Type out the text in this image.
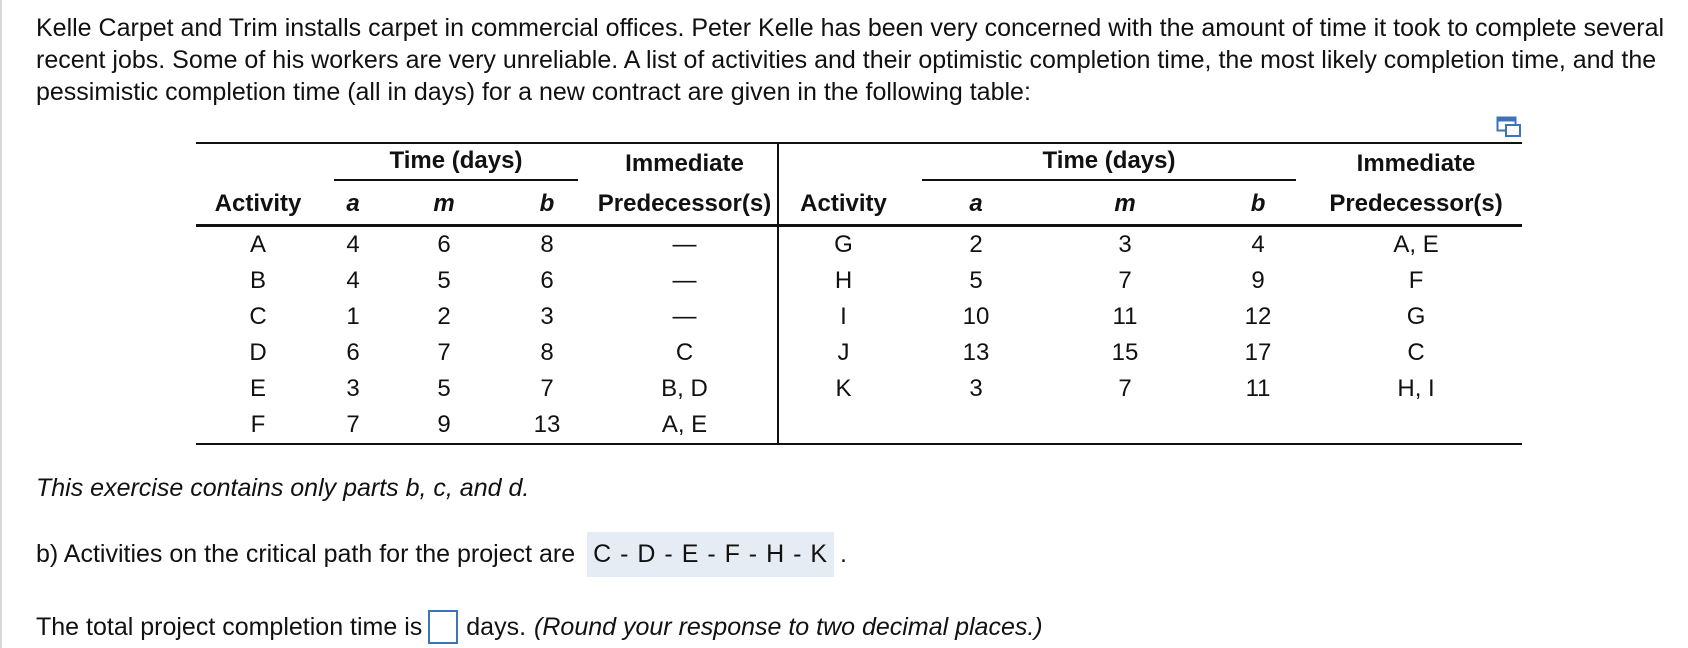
Kelle Carpet and Trim installs carpet in commercial offices. Peter Kelle has been very concerned with the amount of time it took to complete several recent jobs. Some of his workers are very unreliable. A list of activities and their optimistic completion time, the most likely completion time, and the pessimistic completion time (all in days) for a new contract are given in the following table:

	Time (days)			Immediate		Time (days)			Immediate
Activity	a	m	b	Predecessor(s)	Activity	a	m	b	Predecessor(s)
A	4	6	8	—	G	2	3	4	A, E
B	4	5	6	—	H	5	7	9	F
C	1	2	3	—	I	10	11	12	G
D	6	7	8	C	J	13	15	17	C
E	3	5	7	B, D	K	3	7	11	H, I
F	7	9	13	A, E					
This exercise contains only parts b, c, and d.
b) Activities on the critical path for the project are C - D - E - F - H - K .
The total project completion time is days. (Round your response to two decimal places.)
